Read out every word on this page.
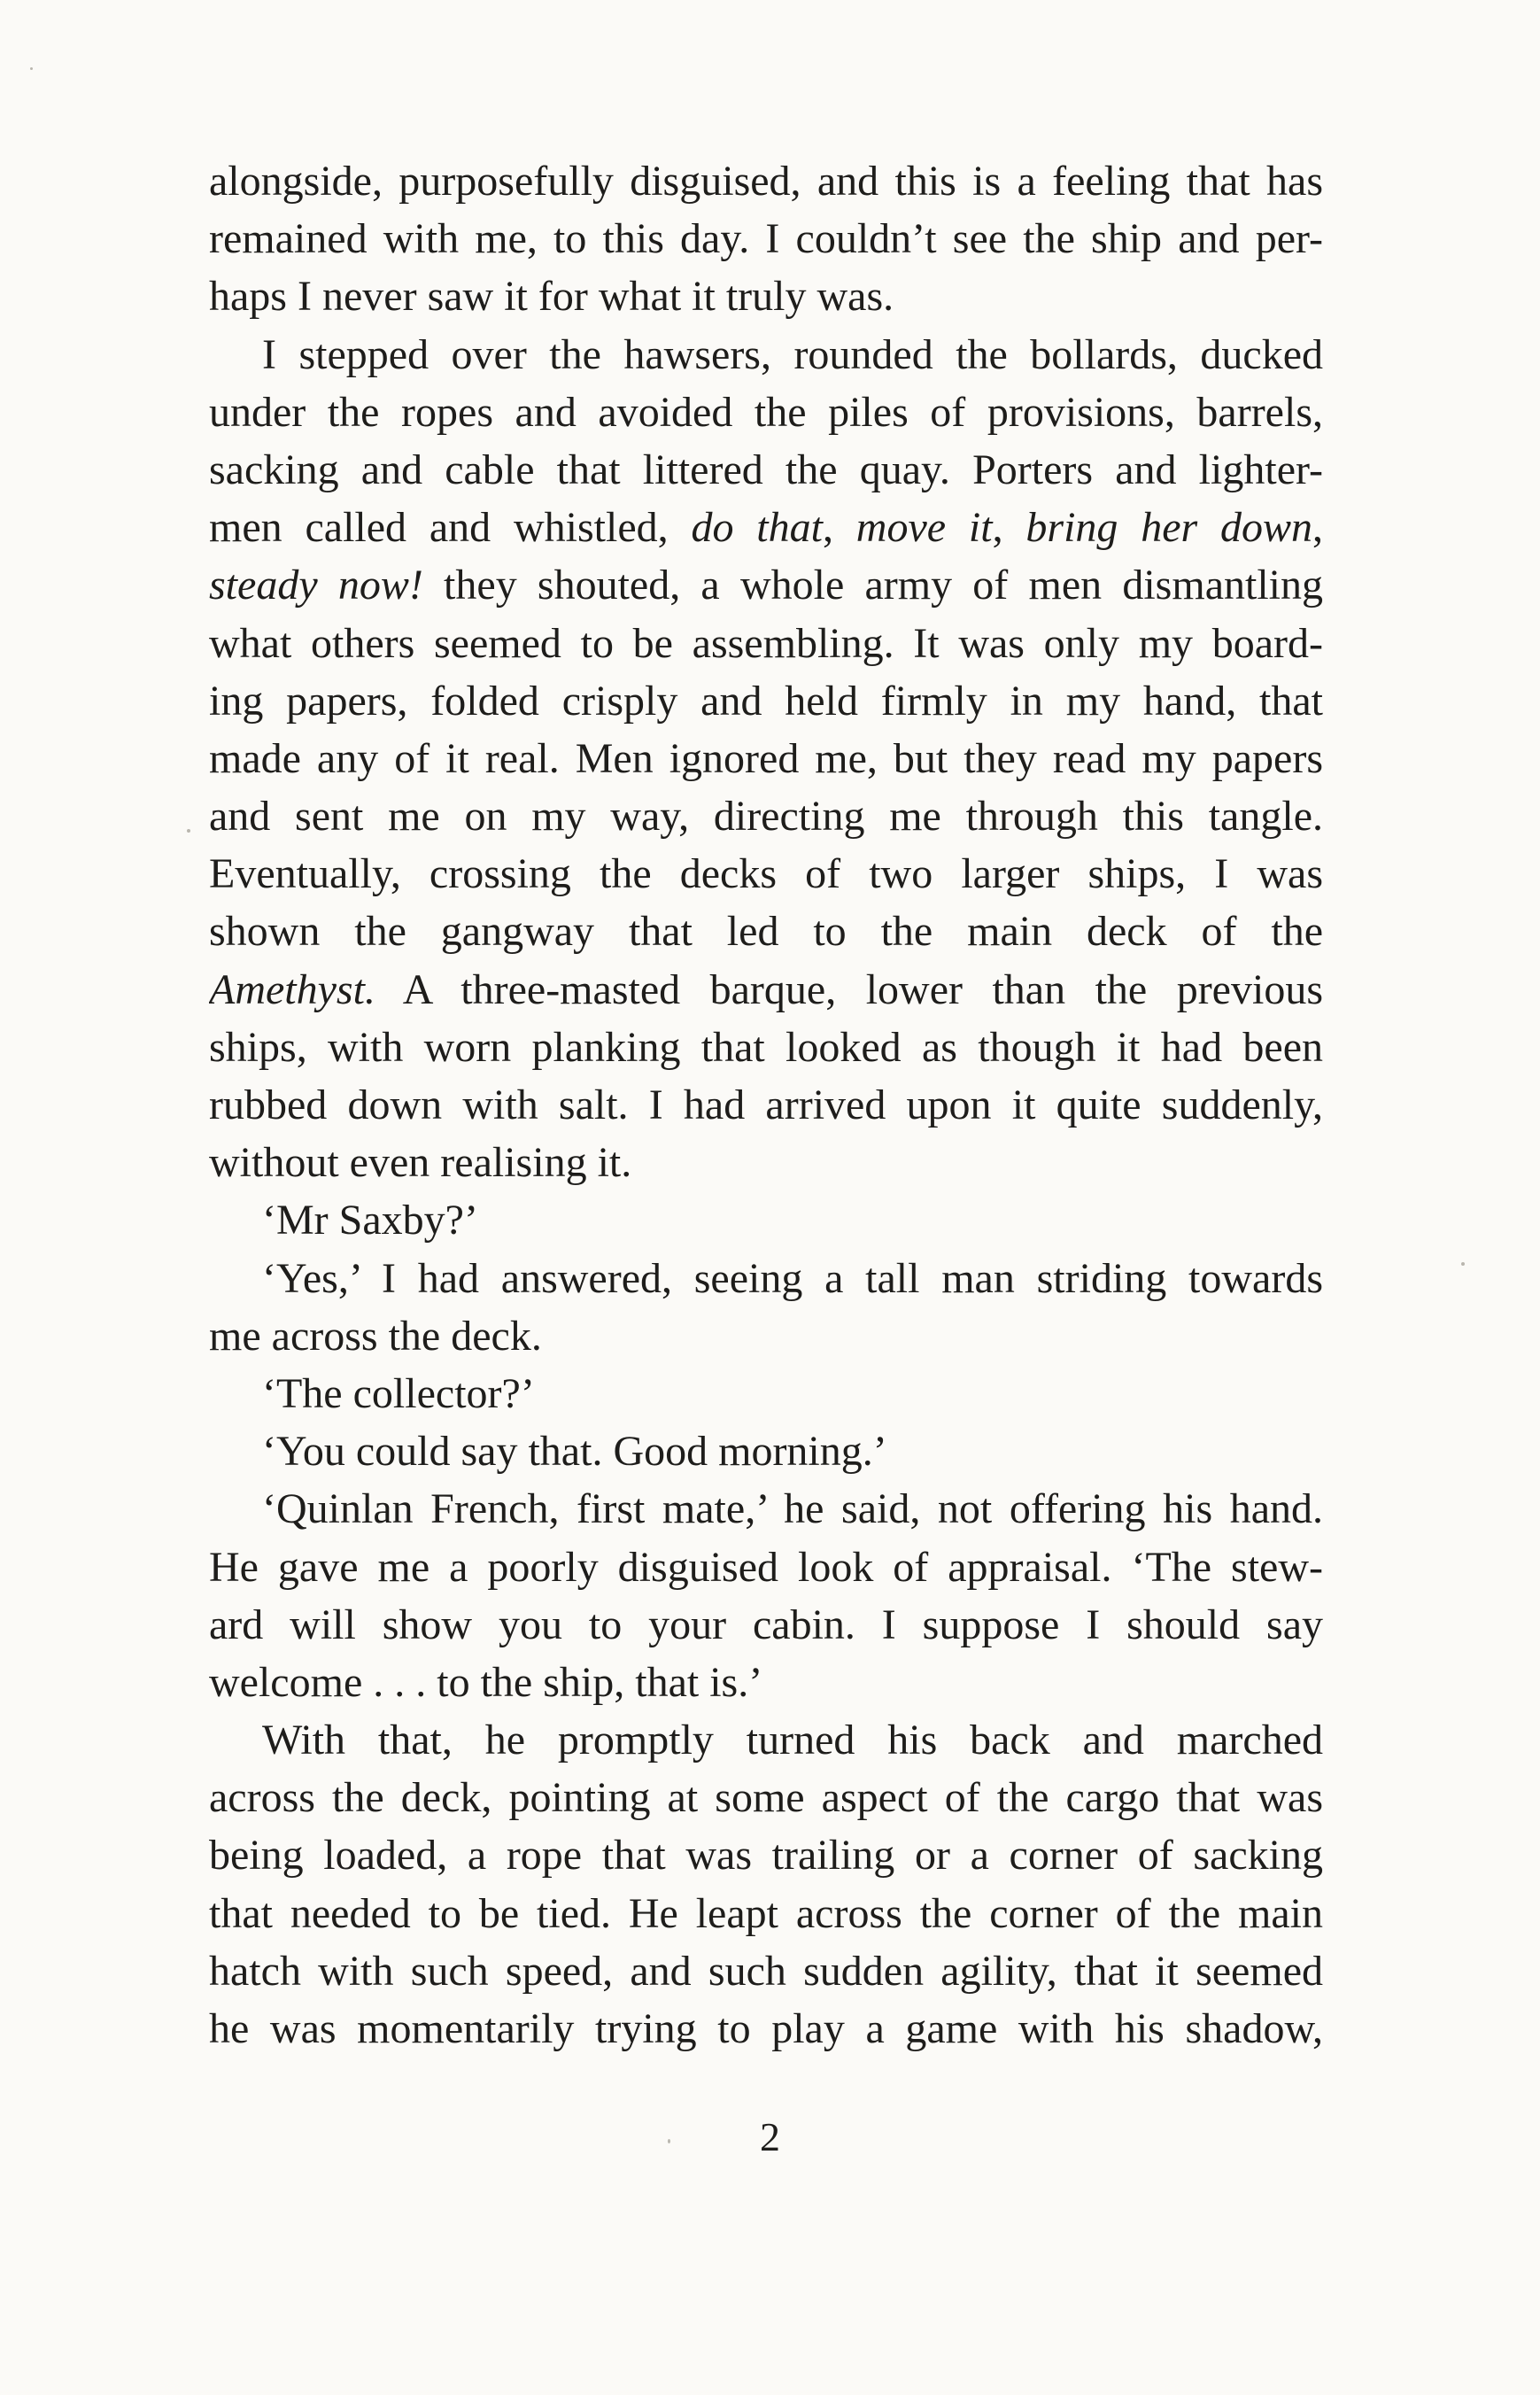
alongside, purposefully disguised, and this is a feeling that has
remained with me, to this day. I couldn’t see the ship and per-
haps I never saw it for what it truly was.
I stepped over the hawsers, rounded the bollards, ducked
under the ropes and avoided the piles of provisions, barrels,
sacking and cable that littered the quay. Porters and lighter-
men called and whistled, do that, move it, bring her down,
steady now! they shouted, a whole army of men dismantling
what others seemed to be assembling. It was only my board-
ing papers, folded crisply and held firmly in my hand, that
made any of it real. Men ignored me, but they read my papers
and sent me on my way, directing me through this tangle.
Eventually, crossing the decks of two larger ships, I was
shown the gangway that led to the main deck of the
Amethyst. A three-masted barque, lower than the previous
ships, with worn planking that looked as though it had been
rubbed down with salt. I had arrived upon it quite suddenly,
without even realising it.
‘Mr Saxby?’
‘Yes,’ I had answered, seeing a tall man striding towards
me across the deck.
‘The collector?’
‘You could say that. Good morning.’
‘Quinlan French, first mate,’ he said, not offering his hand.
He gave me a poorly disguised look of appraisal. ‘The stew-
ard will show you to your cabin. I suppose I should say
welcome . . . to the ship, that is.’
With that, he promptly turned his back and marched
across the deck, pointing at some aspect of the cargo that was
being loaded, a rope that was trailing or a corner of sacking
that needed to be tied. He leapt across the corner of the main
hatch with such speed, and such sudden agility, that it seemed
he was momentarily trying to play a game with his shadow,
2
